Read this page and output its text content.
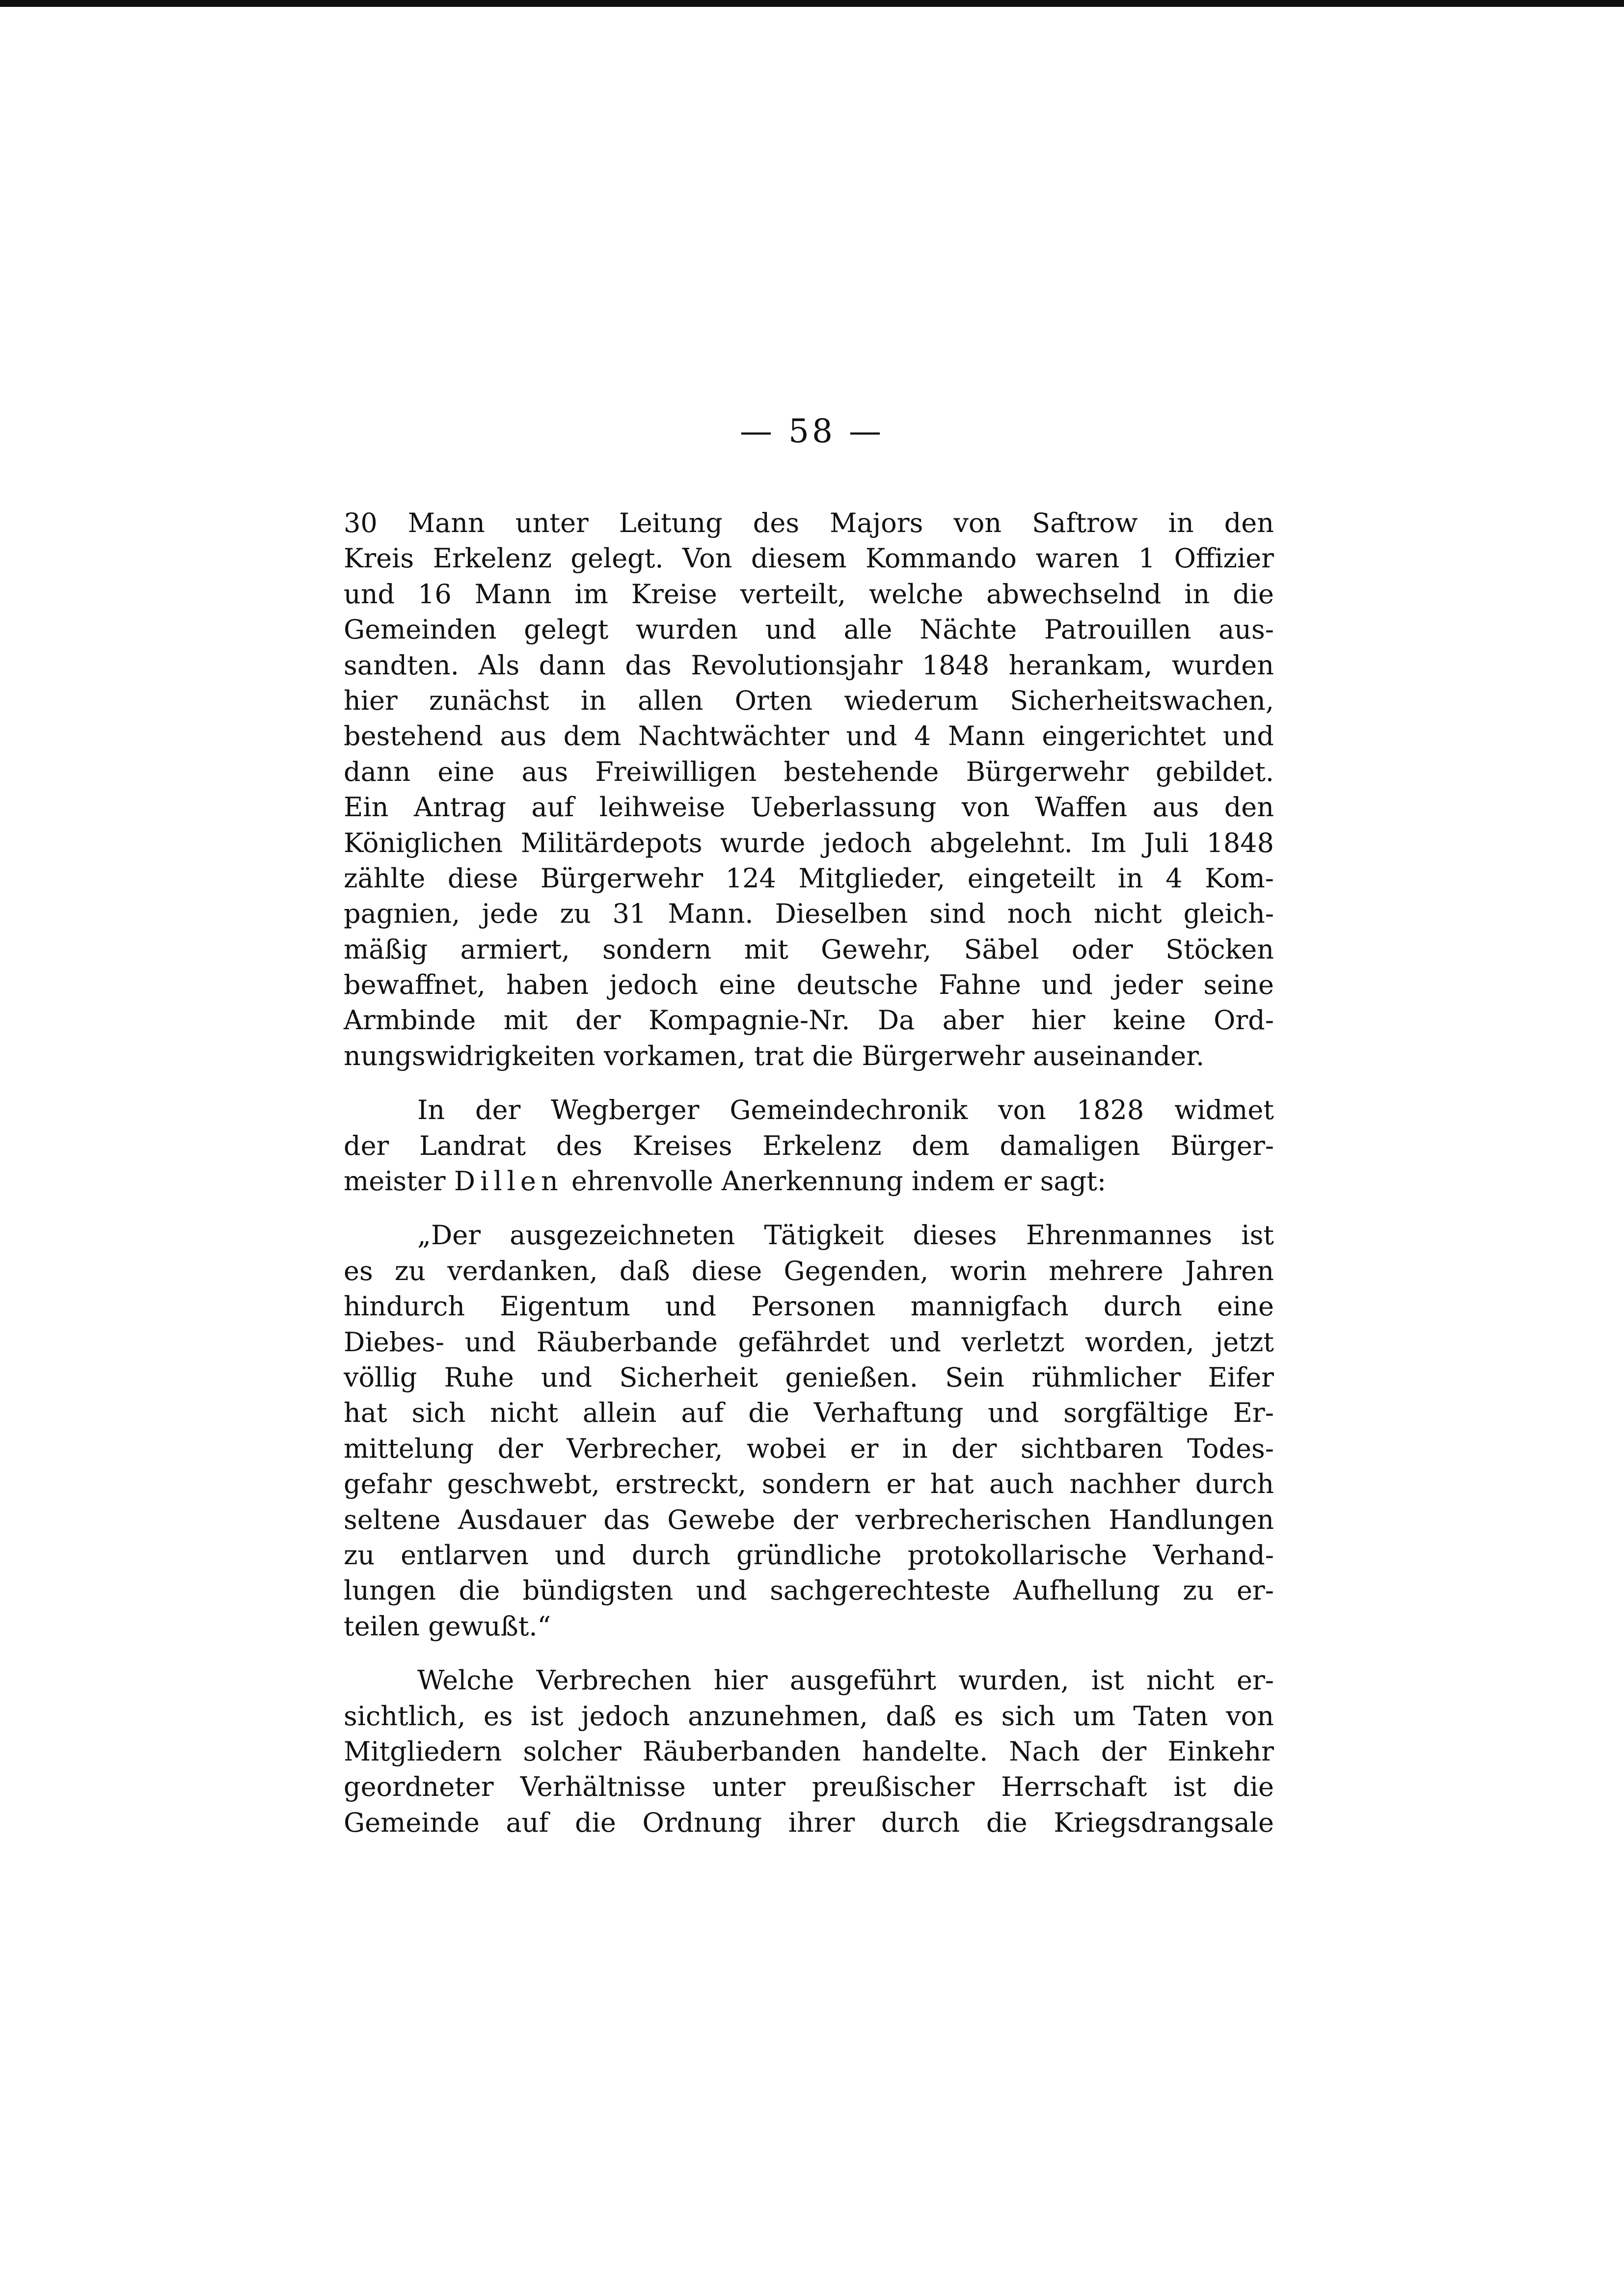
— 58 —
30 Mann unter Leitung des Majors von Saftrow in den
Kreis Erkelenz gelegt. Von diesem Kommando waren 1 Offizier
und 16 Mann im Kreise verteilt, welche abwechselnd in die
Gemeinden gelegt wurden und alle Nächte Patrouillen aus-
sandten. Als dann das Revolutionsjahr 1848 herankam, wurden
hier zunächst in allen Orten wiederum Sicherheitswachen,
bestehend aus dem Nachtwächter und 4 Mann eingerichtet und
dann eine aus Freiwilligen bestehende Bürgerwehr gebildet.
Ein Antrag auf leihweise Ueberlassung von Waffen aus den
Königlichen Militärdepots wurde jedoch abgelehnt. Im Juli 1848
zählte diese Bürgerwehr 124 Mitglieder, eingeteilt in 4 Kom-
pagnien, jede zu 31 Mann. Dieselben sind noch nicht gleich-
mäßig armiert, sondern mit Gewehr, Säbel oder Stöcken
bewaffnet, haben jedoch eine deutsche Fahne und jeder seine
Armbinde mit der Kompagnie-Nr. Da aber hier keine Ord-
nungswidrigkeiten vorkamen, trat die Bürgerwehr auseinander.
In der Wegberger Gemeindechronik von 1828 widmet
der Landrat des Kreises Erkelenz dem damaligen Bürger-
meister Dillen ehrenvolle Anerkennung indem er sagt:
„Der ausgezeichneten Tätigkeit dieses Ehrenmannes ist
es zu verdanken, daß diese Gegenden, worin mehrere Jahren
hindurch Eigentum und Personen mannigfach durch eine
Diebes- und Räuberbande gefährdet und verletzt worden, jetzt
völlig Ruhe und Sicherheit genießen. Sein rühmlicher Eifer
hat sich nicht allein auf die Verhaftung und sorgfältige Er-
mittelung der Verbrecher, wobei er in der sichtbaren Todes-
gefahr geschwebt, erstreckt, sondern er hat auch nachher durch
seltene Ausdauer das Gewebe der verbrecherischen Handlungen
zu entlarven und durch gründliche protokollarische Verhand-
lungen die bündigsten und sachgerechteste Aufhellung zu er-
teilen gewußt.“
Welche Verbrechen hier ausgeführt wurden, ist nicht er-
sichtlich, es ist jedoch anzunehmen, daß es sich um Taten von
Mitgliedern solcher Räuberbanden handelte. Nach der Einkehr
geordneter Verhältnisse unter preußischer Herrschaft ist die
Gemeinde auf die Ordnung ihrer durch die Kriegsdrangsale
